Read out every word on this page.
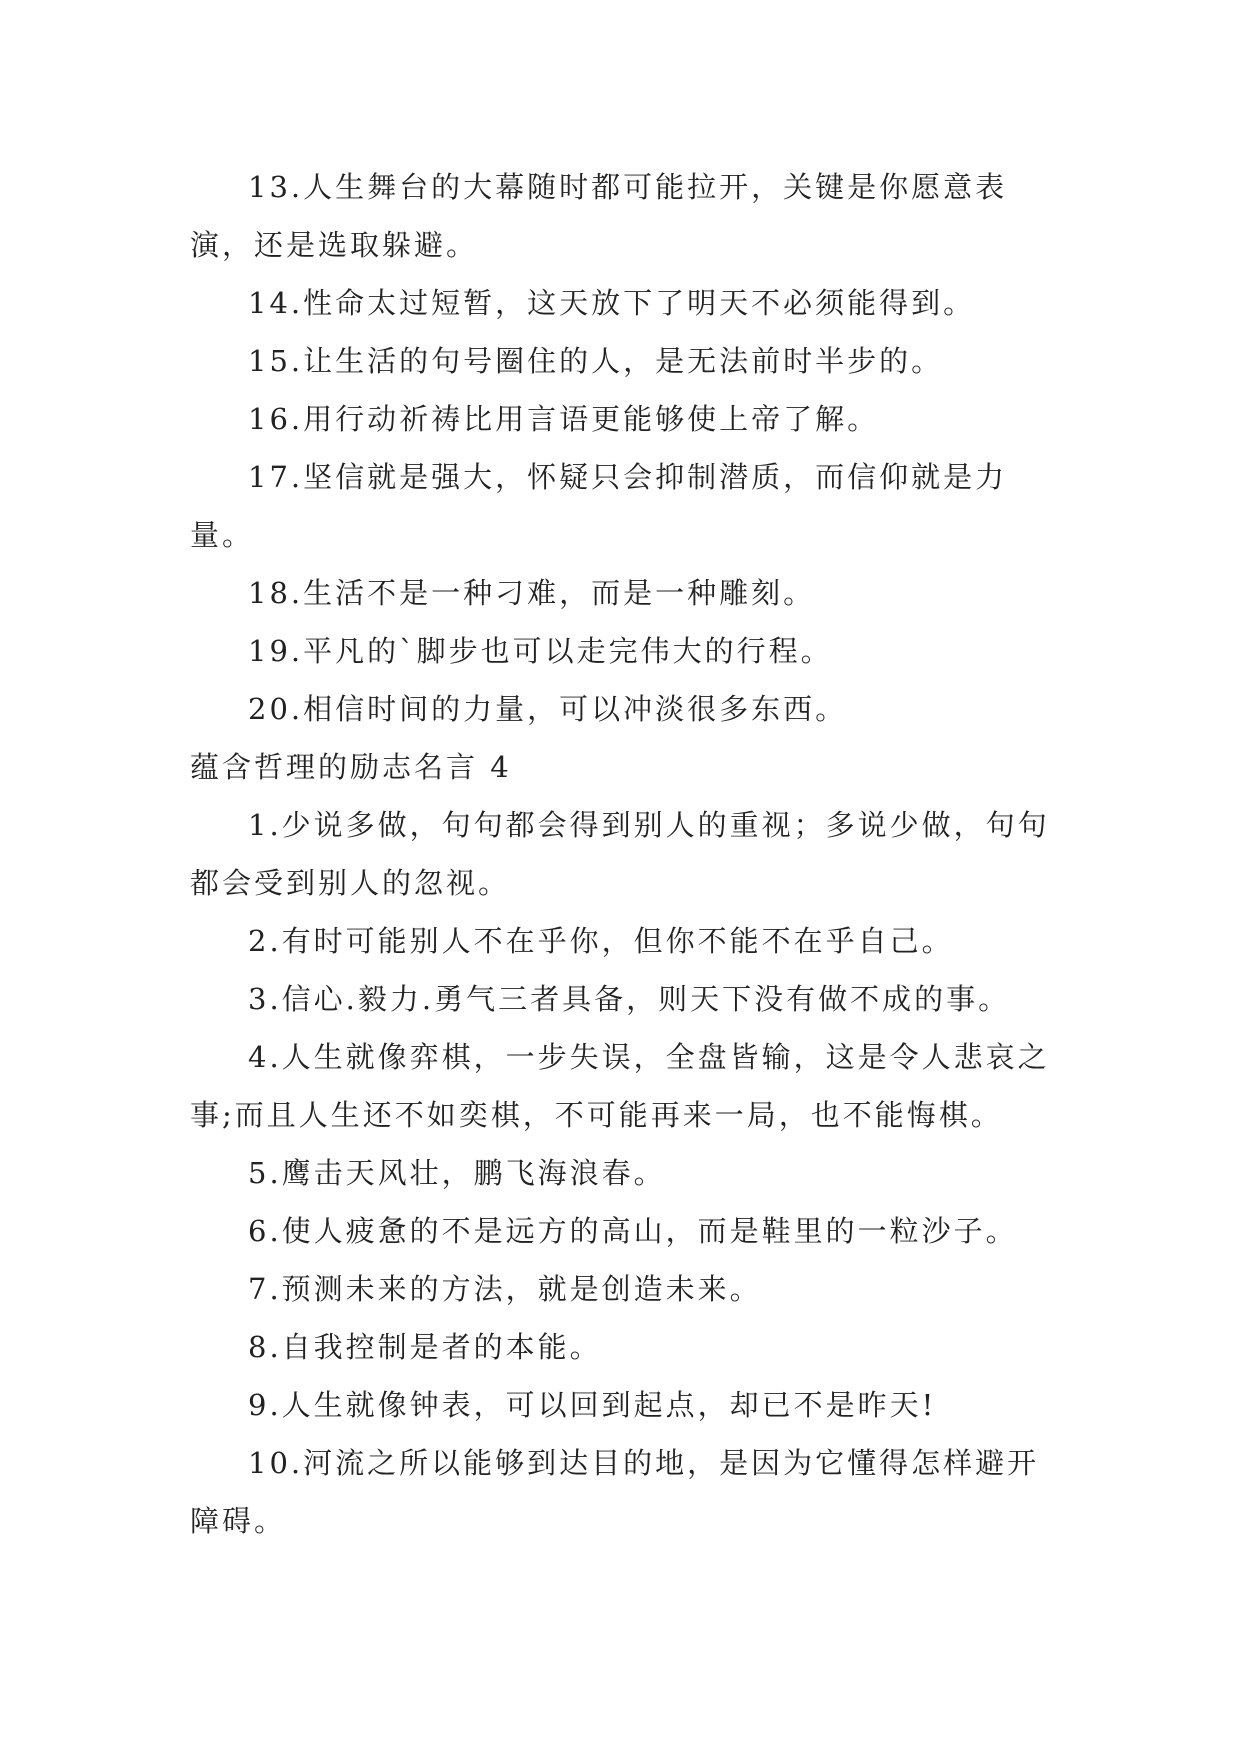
13.人生舞台的大幕随时都可能拉开，关键是你愿意表演，还是选取躲避。

14.性命太过短暂，这天放下了明天不必须能得到。

15.让生活的句号圈住的人，是无法前时半步的。

16.用行动祈祷比用言语更能够使上帝了解。

17.坚信就是强大，怀疑只会抑制潜质，而信仰就是力量。

18.生活不是一种刁难，而是一种雕刻。

19.平凡的`脚步也可以走完伟大的行程。

20.相信时间的力量，可以冲淡很多东西。

蕴含哲理的励志名言 4

1.少说多做，句句都会得到别人的重视；多说少做，句句都会受到别人的忽视。

2.有时可能别人不在乎你，但你不能不在乎自己。

3.信心.毅力.勇气三者具备，则天下没有做不成的事。

4.人生就像弈棋，一步失误，全盘皆输，这是令人悲哀之事;而且人生还不如奕棋，不可能再来一局，也不能悔棋。

5.鹰击天风壮，鹏飞海浪春。

6.使人疲惫的不是远方的高山，而是鞋里的一粒沙子。

7.预测未来的方法，就是创造未来。

8.自我控制是者的本能。

9.人生就像钟表，可以回到起点，却已不是昨天!

10.河流之所以能够到达目的地，是因为它懂得怎样避开障碍。
